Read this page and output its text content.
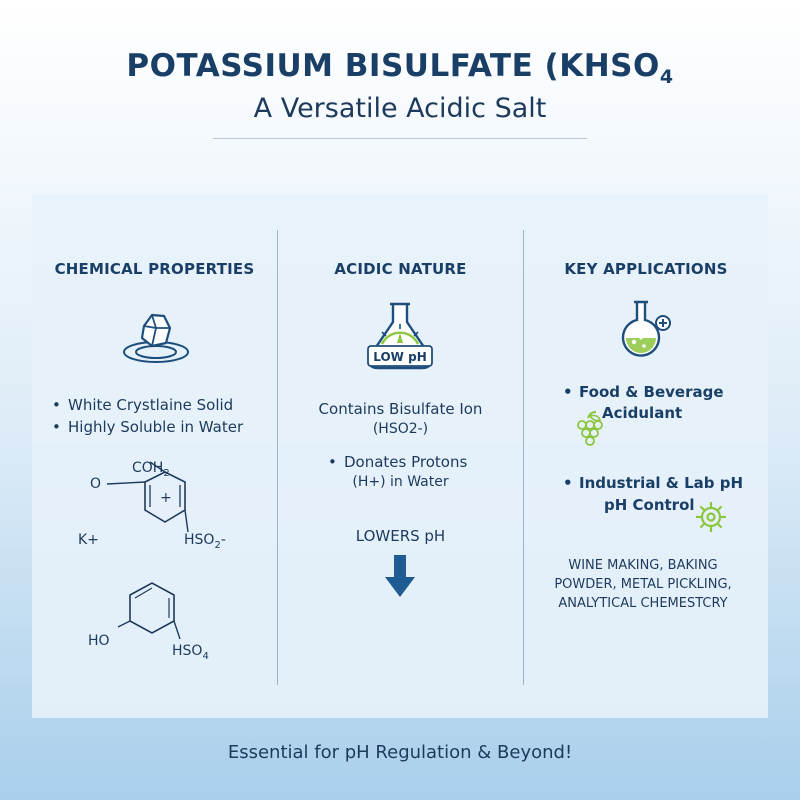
POTASSIUM BISULFATE ($KHSO_4$
A Versatile Acidic Salt
CHEMICAL PROPERTIES
• White Crystlaine Solid
• Highly Soluble in Water
O
$COH_2$
+
K+	$HSO_2-$
HO
$HSO_4$
ACIDIC NATURE
LOW pH
Contains Bisulfate Ion
(HSO2-)
• Donates Protons
(H+) in Water
LOWERS pH
KEY APPLICATIONS
• Food & Beverage
Acidulant
• Industrial & Lab pH
pH Control
WINE MAKING, BAKING
POWDER, METAL PICKLING,
ANALYTICAL CHEMESTCRY
Essential for pH Regulation & Beyond!
